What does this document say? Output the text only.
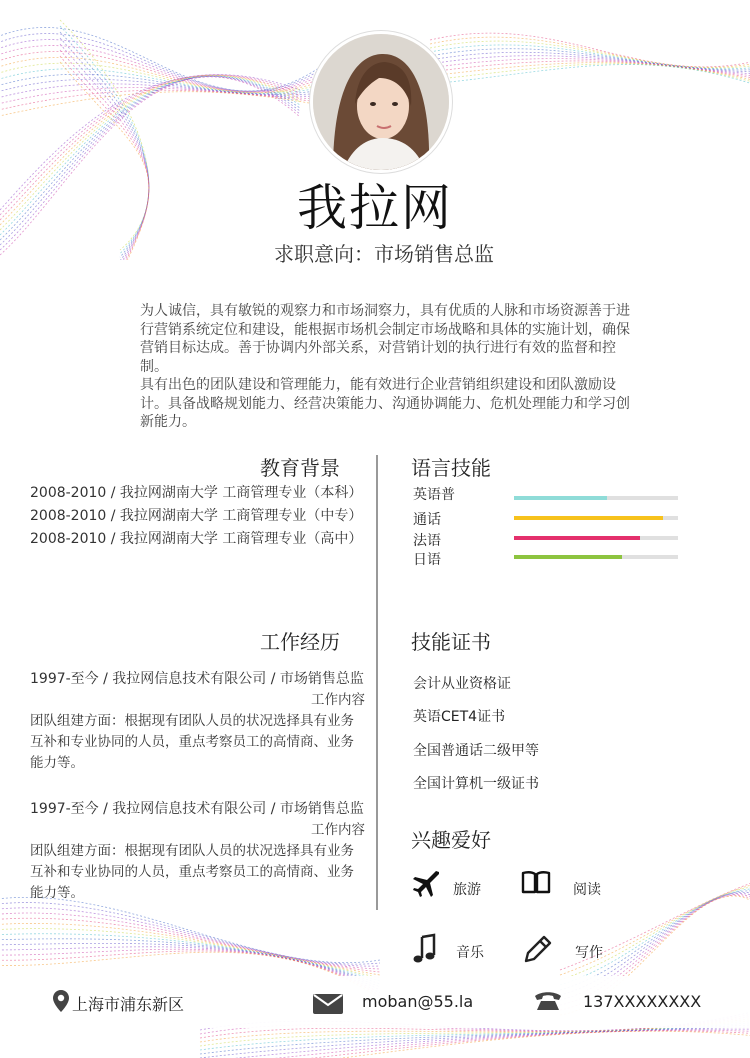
我拉网
求职意向：市场销售总监

为人诚信，具有敏锐的观察力和市场洞察力，具有优质的人脉和市场资源善于进行营销系统定位和建设，能根据市场机会制定市场战略和具体的实施计划，确保营销目标达成。善于协调内外部关系，对营销计划的执行进行有效的监督和控制。

具有出色的团队建设和管理能力，能有效进行企业营销组织建设和团队激励设计。具备战略规划能力、经营决策能力、沟通协调能力、危机处理能力和学习创新能力。

教育背景
2008-2010 / 我拉网湖南大学 工商管理专业（本科）
2008-2010 / 我拉网湖南大学 工商管理专业（中专）
2008-2010 / 我拉网湖南大学 工商管理专业（高中）
工作经历
1997-至今 / 我拉网信息技术有限公司 / 市场销售总监
工作内容
团队组建方面：根据现有团队人员的状况选择具有业务互补和专业协同的人员，重点考察员工的高情商、业务能力等。
1997-至今 / 我拉网信息技术有限公司 / 市场销售总监
工作内容
团队组建方面：根据现有团队人员的状况选择具有业务互补和专业协同的人员，重点考察员工的高情商、业务能力等。
语言技能
英语普
通话
法语
日语
技能证书
会计从业资格证
英语CET4证书
全国普通话二级甲等
全国计算机一级证书
兴趣爱好
旅游	阅读
音乐	写作
上海市浦东新区	moban@55.la	137XXXXXXXX
